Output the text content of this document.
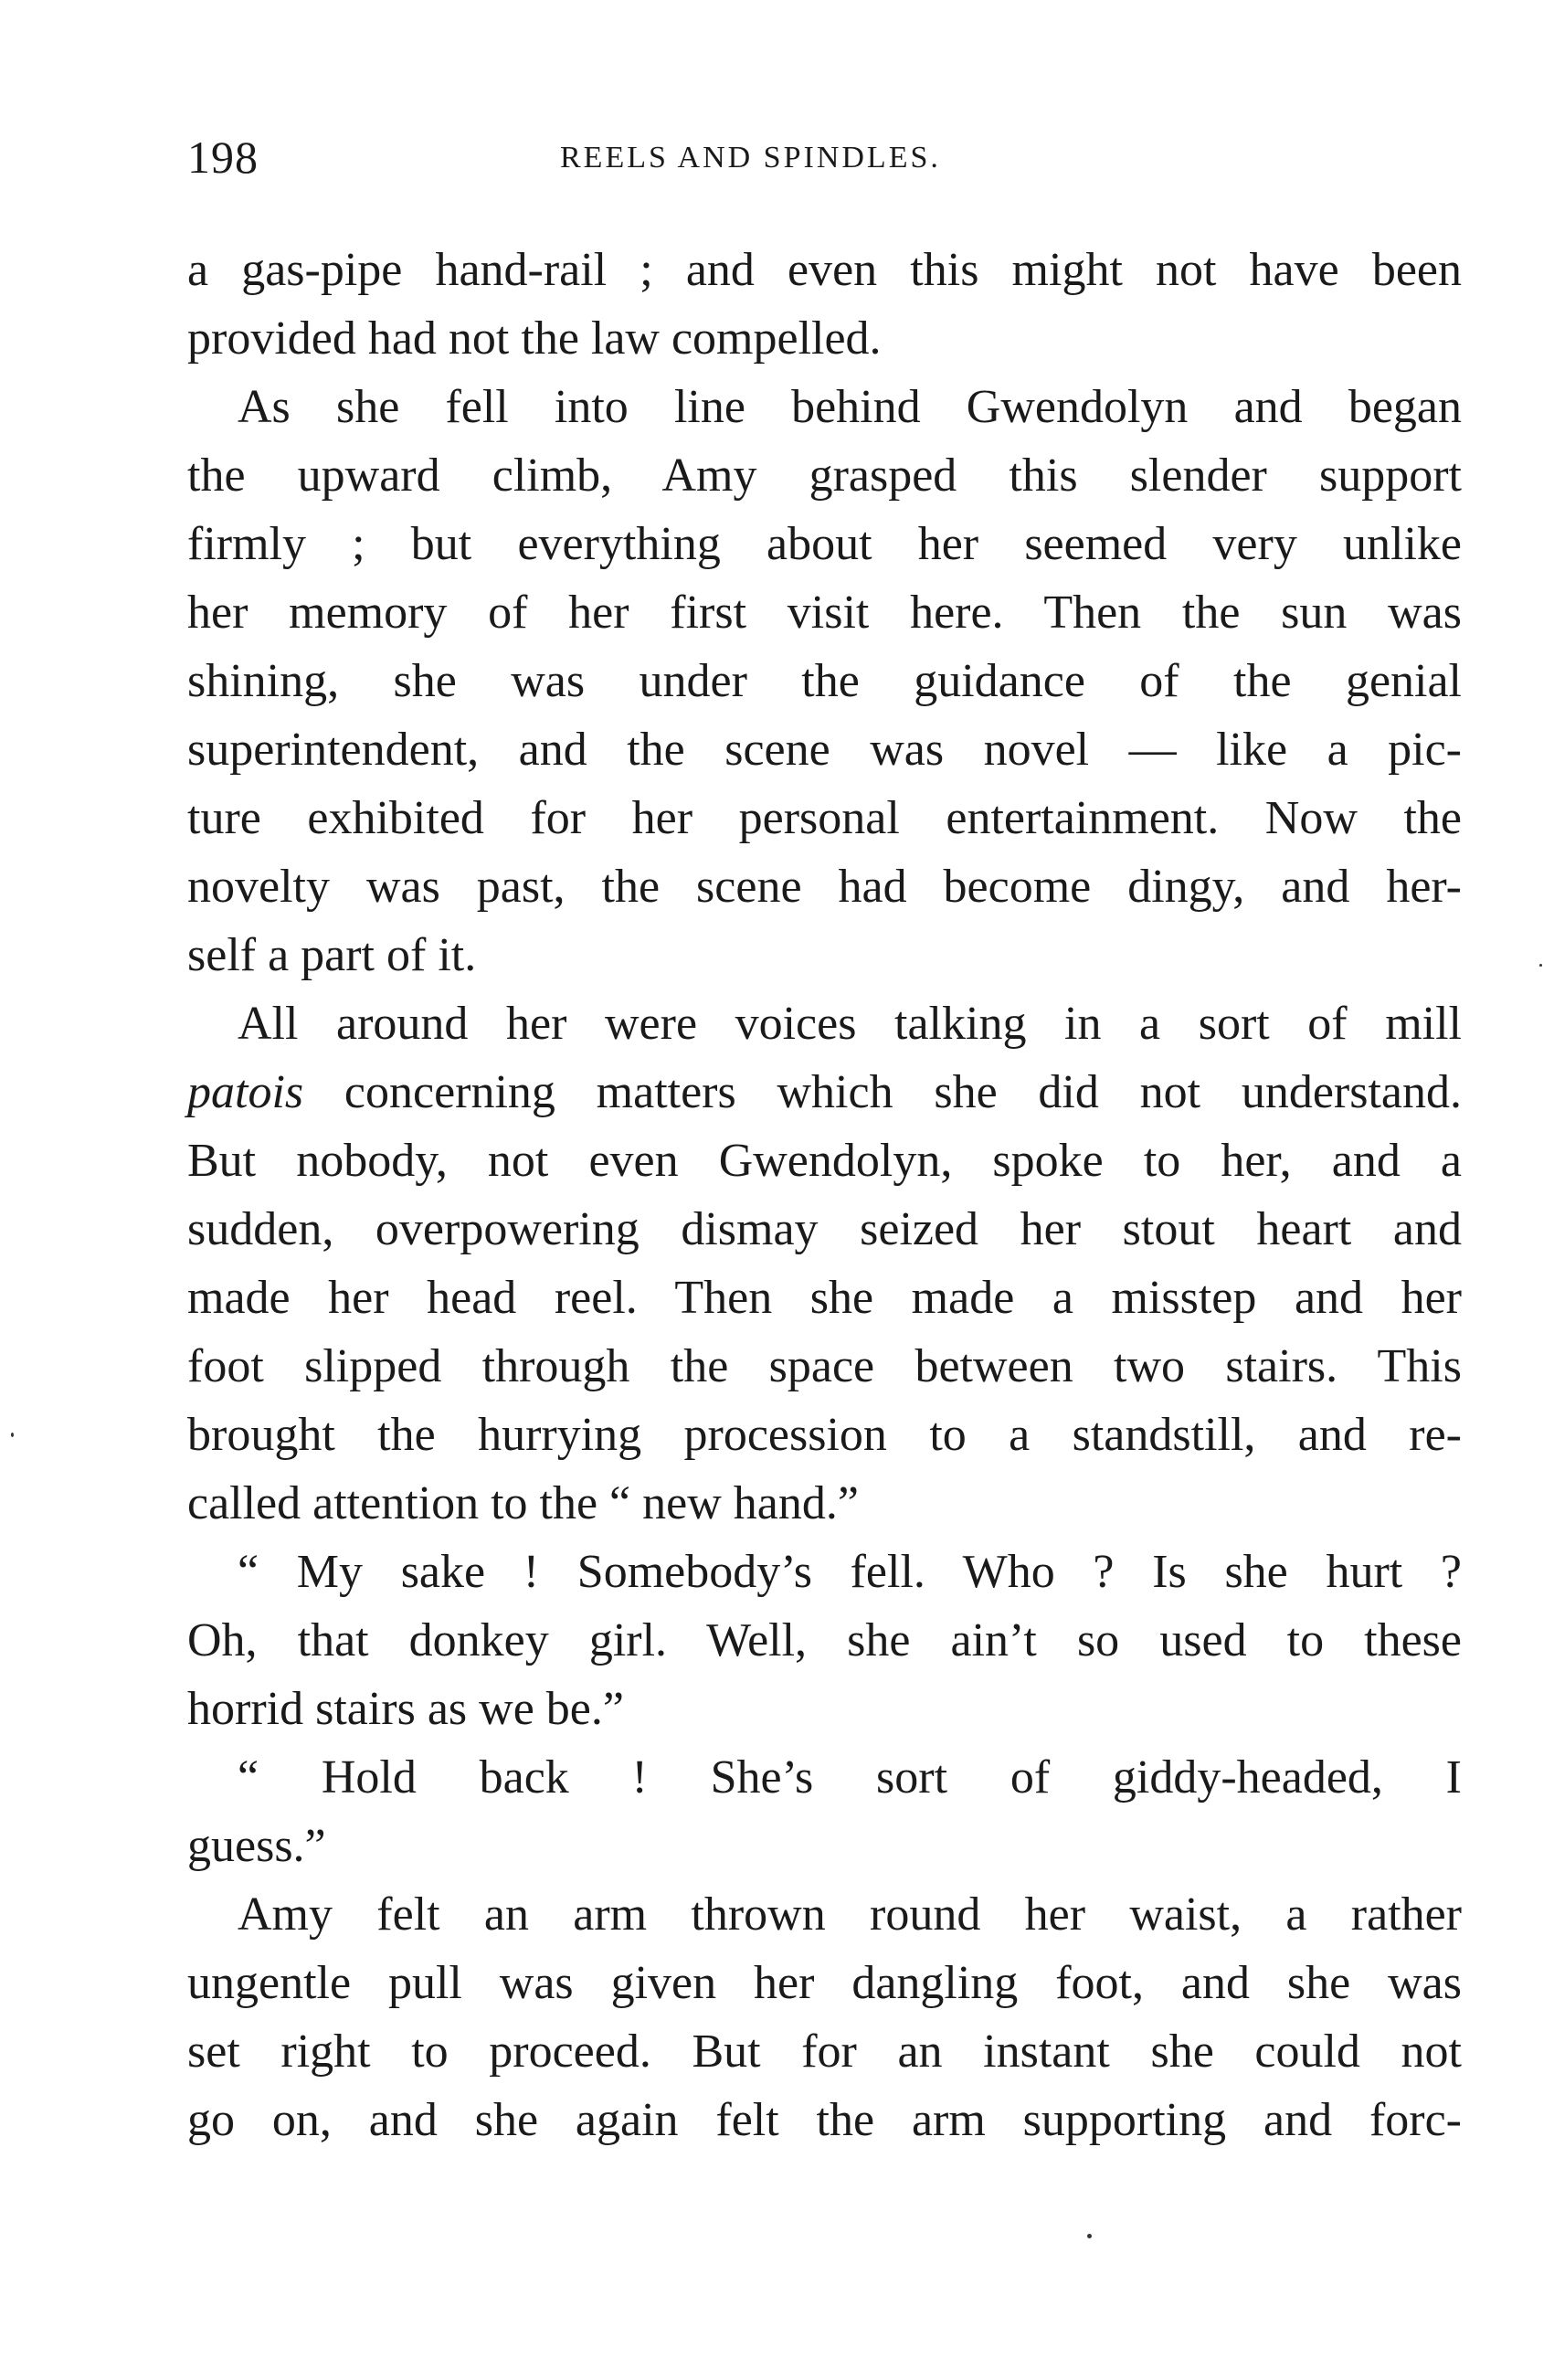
198	REELS AND SPINDLES.
a gas-pipe hand-rail ; and even this might not have been
provided had not the law compelled.
As she fell into line behind Gwendolyn and began
the upward climb, Amy grasped this slender support
firmly ; but everything about her seemed very unlike
her memory of her first visit here. Then the sun was
shining, she was under the guidance of the genial
superintendent, and the scene was novel — like a pic-
ture exhibited for her personal entertainment. Now the
novelty was past, the scene had become dingy, and her-
self a part of it.
All around her were voices talking in a sort of mill
patois concerning matters which she did not understand.
But nobody, not even Gwendolyn, spoke to her, and a
sudden, overpowering dismay seized her stout heart and
made her head reel. Then she made a misstep and her
foot slipped through the space between two stairs. This
brought the hurrying procession to a standstill, and re-
called attention to the “ new hand.”
“ My sake ! Somebody’s fell. Who ? Is she hurt ?
Oh, that donkey girl. Well, she ain’t so used to these
horrid stairs as we be.”
“ Hold back ! She’s sort of giddy-headed, I
guess.”
Amy felt an arm thrown round her waist, a rather
ungentle pull was given her dangling foot, and she was
set right to proceed. But for an instant she could not
go on, and she again felt the arm supporting and forc-
